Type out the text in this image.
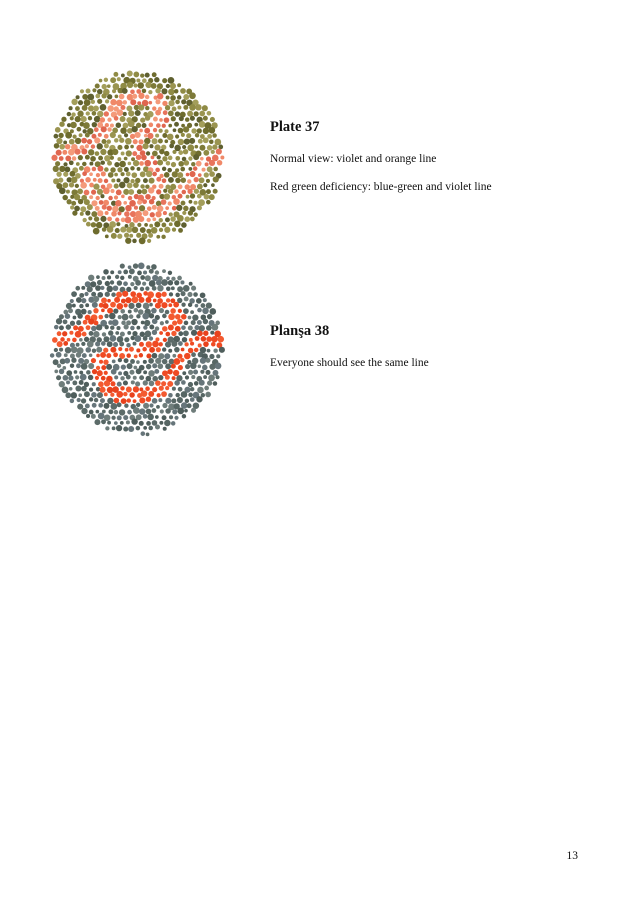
Plate 37
Normal view: violet and orange line
Red green deficiency: blue-green and violet line
Planşa 38
Everyone should see the same line
13
